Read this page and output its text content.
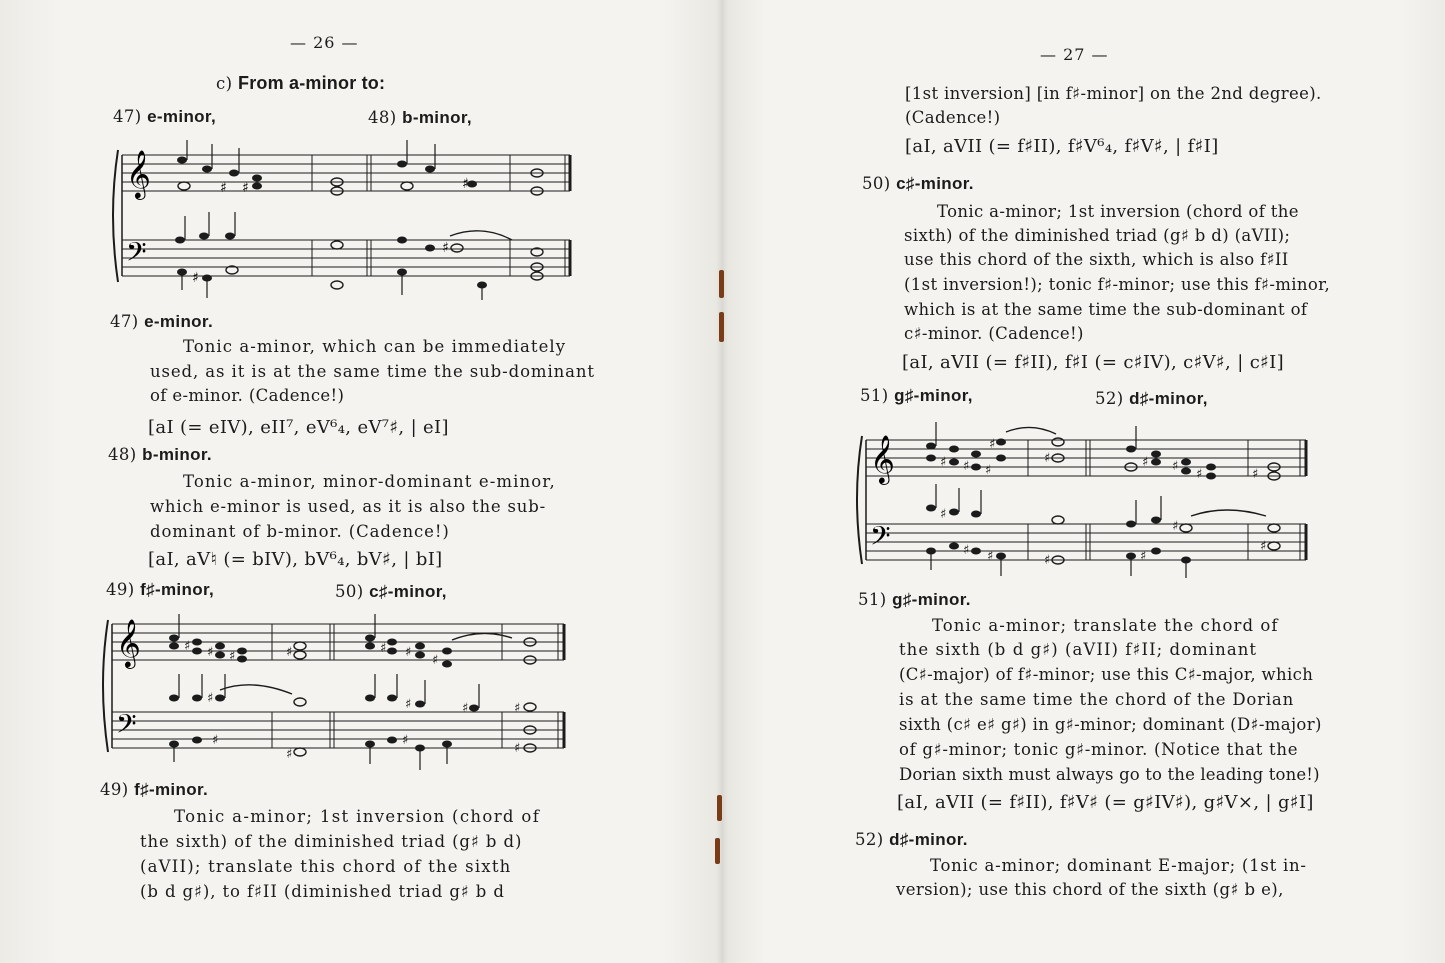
— 26 —
c) From a-minor to:
47) e-minor,	48) b-minor,
𝄞
𝄢
♯ ♯	♯
♯
♯
47) e-minor.
Tonic a-minor, which can be immediately
used, as it is at the same time the sub-dominant
of e-minor. (Cadence!)
[aI (= eIV), eII⁷, eV⁶₄, eV⁷♯, | eI]
48) b-minor.
Tonic a-minor, minor-dominant e-minor,
which e-minor is used, as it is also the sub-
dominant of b-minor. (Cadence!)
[aI, aV♮ (= bIV), bV⁶₄, bV♯, | bI]
49) f♯-minor,	50) c♯-minor,
𝄞
𝄢
♯ ♯ ♯	♯	♯ ♯
♯
♯
♯
♯
♯
♯
♯	♯
♯
49) f♯-minor.
Tonic a-minor; 1st inversion (chord of
the sixth) of the diminished triad (g♯ b d)
(aVII); translate this chord of the sixth
(b d g♯), to f♯II (diminished triad g♯ b d
— 27 —
[1st inversion] [in f♯-minor] on the 2nd degree).
(Cadence!)
[aI, aVII (= f♯II), f♯V⁶₄, f♯V♯, | f♯I]
50) c♯-minor.
Tonic a-minor; 1st inversion (chord of the
sixth) of the diminished triad (g♯ b d) (aVII);
use this chord of the sixth, which is also f♯II
(1st inversion!); tonic f♯-minor; use this f♯-minor,
which is at the same time the sub-dominant of
c♯-minor. (Cadence!)
[aI, aVII (= f♯II), f♯I (= c♯IV), c♯V♯, | c♯I]
51) g♯-minor,	52) d♯-minor,
𝄞
𝄢
♯ ♯ ♯
♯
♯	♯ ♯
♯	♯
♯
♯ ♯	♯	♯
♯
♯
51) g♯-minor.
Tonic a-minor; translate the chord of
the sixth (b d g♯) (aVII) f♯II; dominant
(C♯-major) of f♯-minor; use this C♯-major, which
is at the same time the chord of the Dorian
sixth (c♯ e♯ g♯) in g♯-minor; dominant (D♯-major)
of g♯-minor; tonic g♯-minor. (Notice that the
Dorian sixth must always go to the leading tone!)
[aI, aVII (= f♯II), f♯V♯ (= g♯IV♯), g♯V×, | g♯I]
52) d♯-minor.
Tonic a-minor; dominant E-major; (1st in-
version); use this chord of the sixth (g♯ b e),
